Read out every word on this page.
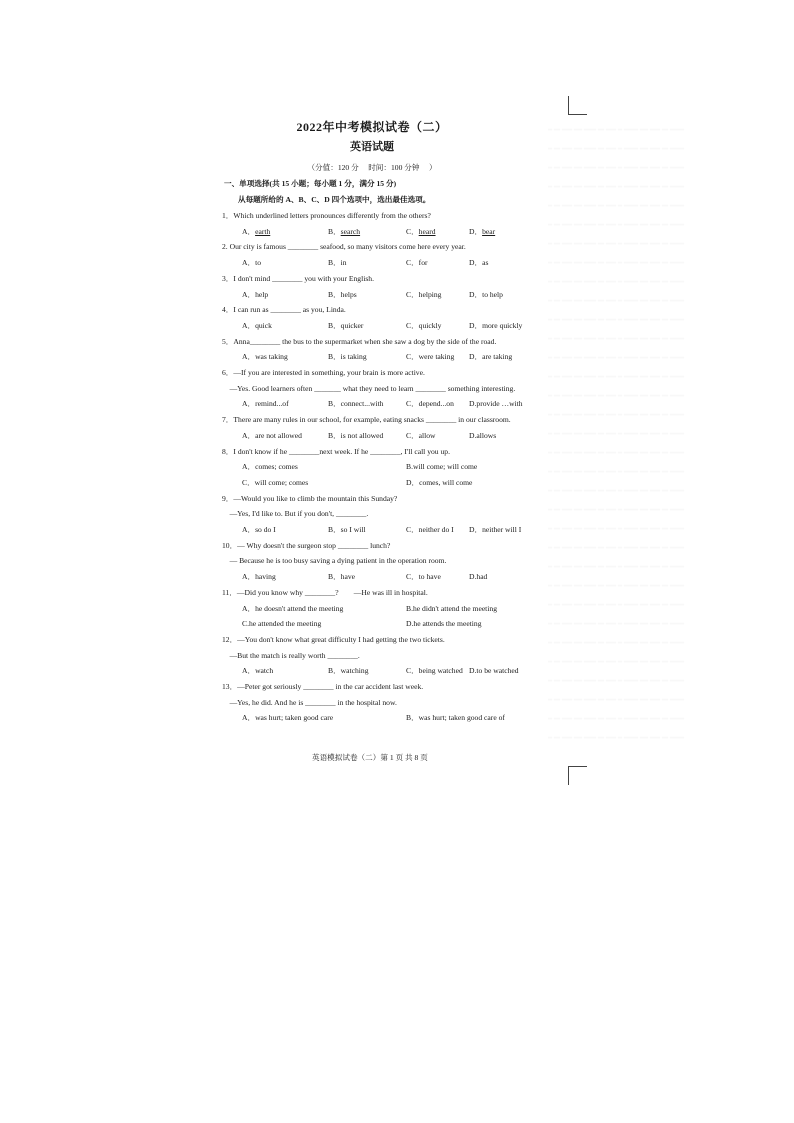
.. ... ..... .... ...... ... ..... .. ....... .... ..... ... .......
.. ... ..... .... ...... ... ..... .. ....... .... ..... ... .......
.. ... ..... .... ...... ... ..... .. ....... .... ..... ... .......
.. ... ..... .... ...... ... ..... .. ....... .... ..... ... .......
.. ... ..... .... ...... ... ..... .. ....... .... ..... ... .......
.. ... ..... .... ...... ... ..... .. ....... .... ..... ... .......
.. ... ..... .... ...... ... ..... .. ....... .... ..... ... .......
.. ... ..... .... ...... ... ..... .. ....... .... ..... ... .......
.. ... ..... .... ...... ... ..... .. ....... .... ..... ... .......
.. ... ..... .... ...... ... ..... .. ....... .... ..... ... .......
.. ... ..... .... ...... ... ..... .. ....... .... ..... ... .......
.. ... ..... .... ...... ... ..... .. ....... .... ..... ... .......
.. ... ..... .... ...... ... ..... .. ....... .... ..... ... .......
.. ... ..... .... ...... ... ..... .. ....... .... ..... ... .......
.. ... ..... .... ...... ... ..... .. ....... .... ..... ... .......
.. ... ..... .... ...... ... ..... .. ....... .... ..... ... .......
.. ... ..... .... ...... ... ..... .. ....... .... ..... ... .......
.. ... ..... .... ...... ... ..... .. ....... .... ..... ... .......
.. ... ..... .... ...... ... ..... .. ....... .... ..... ... .......
.. ... ..... .... ...... ... ..... .. ....... .... ..... ... .......
.. ... ..... .... ...... ... ..... .. ....... .... ..... ... .......
.. ... ..... .... ...... ... ..... .. ....... .... ..... ... .......
.. ... ..... .... ...... ... ..... .. ....... .... ..... ... .......
.. ... ..... .... ...... ... ..... .. ....... .... ..... ... .......
.. ... ..... .... ...... ... ..... .. ....... .... ..... ... .......
.. ... ..... .... ...... ... ..... .. ....... .... ..... ... .......
.. ... ..... .... ...... ... ..... .. ....... .... ..... ... .......
.. ... ..... .... ...... ... ..... .. ....... .... ..... ... .......
.. ... ..... .... ...... ... ..... .. ....... .... ..... ... .......
.. ... ..... .... ...... ... ..... .. ....... .... ..... ... .......
.. ... ..... .... ...... ... ..... .. ....... .... ..... ... .......
.. ... ..... .... ...... ... ..... .. ....... .... ..... ... .......
.. ... ..... .... ...... ... ..... .. ....... .... ..... ... .......
2022年中考模拟试卷（二）
英语试题
（分值：120 分　 时间：100 分钟　 ）
一、单项选择(共 15 小题；每小题 1 分，满分 15 分)
从每题所给的 A、B、C、D 四个选项中，选出最佳选项。
1．Which underlined letters pronounces differently from the others?
A．earth	B．search	C．heard	D．bear
2. Our city is famous ________ seafood, so many visitors come here every year.
A．to	B．in	C．for	D．as
3．I don't mind ________ you with your English.
A．help	B．helps	C．helping	D．to help
4．I can run as ________ as you, Linda.
A．quick	B．quicker	C．quickly	D．more quickly
5．Anna________ the bus to the supermarket when she saw a dog by the side of the road.
A．was taking	B．is taking	C．were taking D．are taking
6．—If you are interested in something, your brain is more active.
　—Yes. Good learners often _______ what they need to learn ________ something interesting.
A．remind...of	B．connect...with	C．depend...on D.provide …with
7．There are many rules in our school, for example, eating snacks ________ in our classroom.
A．are not allowed	B．is not allowed	C．allow	D.allows
8．I don't know if he ________next week. If he ________, I'll call you up.
A．comes; comes	B.will come; will come
C．will come; comes	D．comes, will come
9．—Would you like to climb the mountain this Sunday?
　—Yes, I'd like to. But if you don't, ________.
A．so do I	B．so I will	C．neither do I D．neither will I
10．— Why doesn't the surgeon stop ________ lunch?
　— Because he is too busy saving a dying patient in the operation room.
A．having	B．have	C．to have	D.had
11．—Did you know why ________?　　—He was ill in hospital.
A．he doesn't attend the meeting	B.he didn't attend the meeting
C.he attended the meeting	D.he attends the meeting
12．—You don't know what great difficulty I had getting the two tickets.
　—But the match is really worth ________.
A．watch	B．watching	C．being watched D.to be watched
13．—Peter got seriously ________ in the car accident last week.
　—Yes, he did. And he is ________ in the hospital now.
A．was hurt; taken good care	B．was hurt; taken good care of
英语模拟试卷（二）第 1 页 共 8 页
